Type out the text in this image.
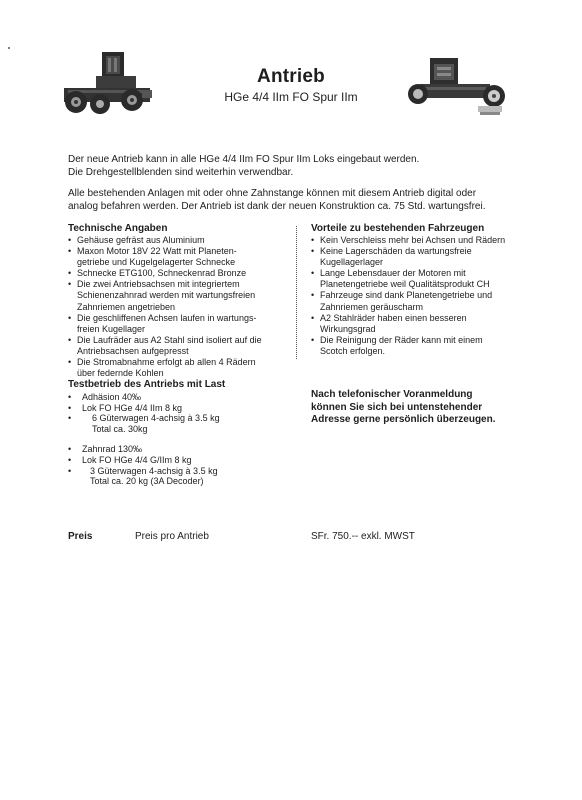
Antrieb
HGe 4/4 IIm FO Spur IIm
Der neue Antrieb kann in alle HGe 4/4 IIm FO Spur IIm Loks eingebaut werden.
Die Drehgestellblenden sind weiterhin verwendbar.
Alle bestehenden Anlagen mit oder ohne Zahnstange können mit diesem Antrieb digital oder
analog befahren werden. Der Antrieb ist dank der neuen Konstruktion ca. 75 Std. wartungsfrei.
Technische Angaben
• Gehäuse gefräst aus Aluminium
• Maxon Motor 18V 22 Watt mit Planeten-
getriebe und Kugelgelagerter Schnecke
• Schnecke ETG100, Schneckenrad Bronze
• Die zwei Antriebsachsen mit integriertem
Schienenzahnrad werden mit wartungsfreien
Zahnriemen angetrieben
• Die geschliffenen Achsen laufen in wartungs-
freien Kugellager
• Die Laufräder aus A2 Stahl sind isoliert auf die
Antriebsachsen aufgepresst
• Die Stromabnahme erfolgt ab allen 4 Rädern
über federnde Kohlen
Vorteile zu bestehenden Fahrzeugen
• Kein Verschleiss mehr bei Achsen und Rädern
• Keine Lagerschäden da wartungsfreie
Kugellagerlager
• Lange Lebensdauer der Motoren mit
Planetengetriebe weil Qualitätsprodukt CH
• Fahrzeuge sind dank Planetengetriebe und
Zahnriemen geräuscharm
• A2 Stahlräder haben einen besseren
Wirkungsgrad
• Die Reinigung der Räder kann mit einem
Scotch erfolgen.
Testbetrieb des Antriebs mit Last
• Adhäsion 40‰
• Lok FO HGe 4/4 IIm 8 kg
• 6 Güterwagen 4-achsig à 3.5 kg
Total ca. 30kg
• Zahnrad 130‰
• Lok FO HGe 4/4 G/IIm 8 kg
• 3 Güterwagen 4-achsig à 3.5 kg
Total ca. 20 kg (3A Decoder)
Nach telefonischer Voranmeldung
können Sie sich bei untenstehender
Adresse gerne persönlich überzeugen.
Preis	Preis pro Antrieb	SFr. 750.-- exkl. MWST
